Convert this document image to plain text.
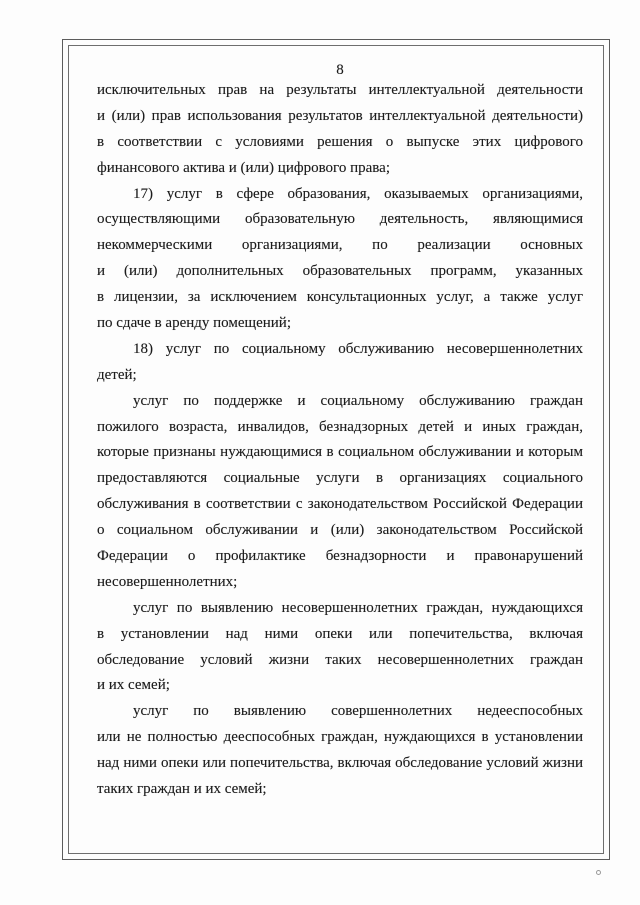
8
исключительных прав на результаты интеллектуальной деятельности
и (или) прав использования результатов интеллектуальной деятельности)
в соответствии с условиями решения о выпуске этих цифрового
финансового актива и (или) цифрового права;
17) услуг в сфере образования, оказываемых организациями,
осуществляющими образовательную деятельность, являющимися
некоммерческими организациями, по реализации основных
и (или) дополнительных образовательных программ, указанных
в лицензии, за исключением консультационных услуг, а также услуг
по сдаче в аренду помещений;
18) услуг по социальному обслуживанию несовершеннолетних
детей;
услуг по поддержке и социальному обслуживанию граждан
пожилого возраста, инвалидов, безнадзорных детей и иных граждан,
которые признаны нуждающимися в социальном обслуживании и которым
предоставляются социальные услуги в организациях социального
обслуживания в соответствии с законодательством Российской Федерации
о социальном обслуживании и (или) законодательством Российской
Федерации о профилактике безнадзорности и правонарушений
несовершеннолетних;
услуг по выявлению несовершеннолетних граждан, нуждающихся
в установлении над ними опеки или попечительства, включая
обследование условий жизни таких несовершеннолетних граждан
и их семей;
услуг по выявлению совершеннолетних недееспособных
или не полностью дееспособных граждан, нуждающихся в установлении
над ними опеки или попечительства, включая обследование условий жизни
таких граждан и их семей;
